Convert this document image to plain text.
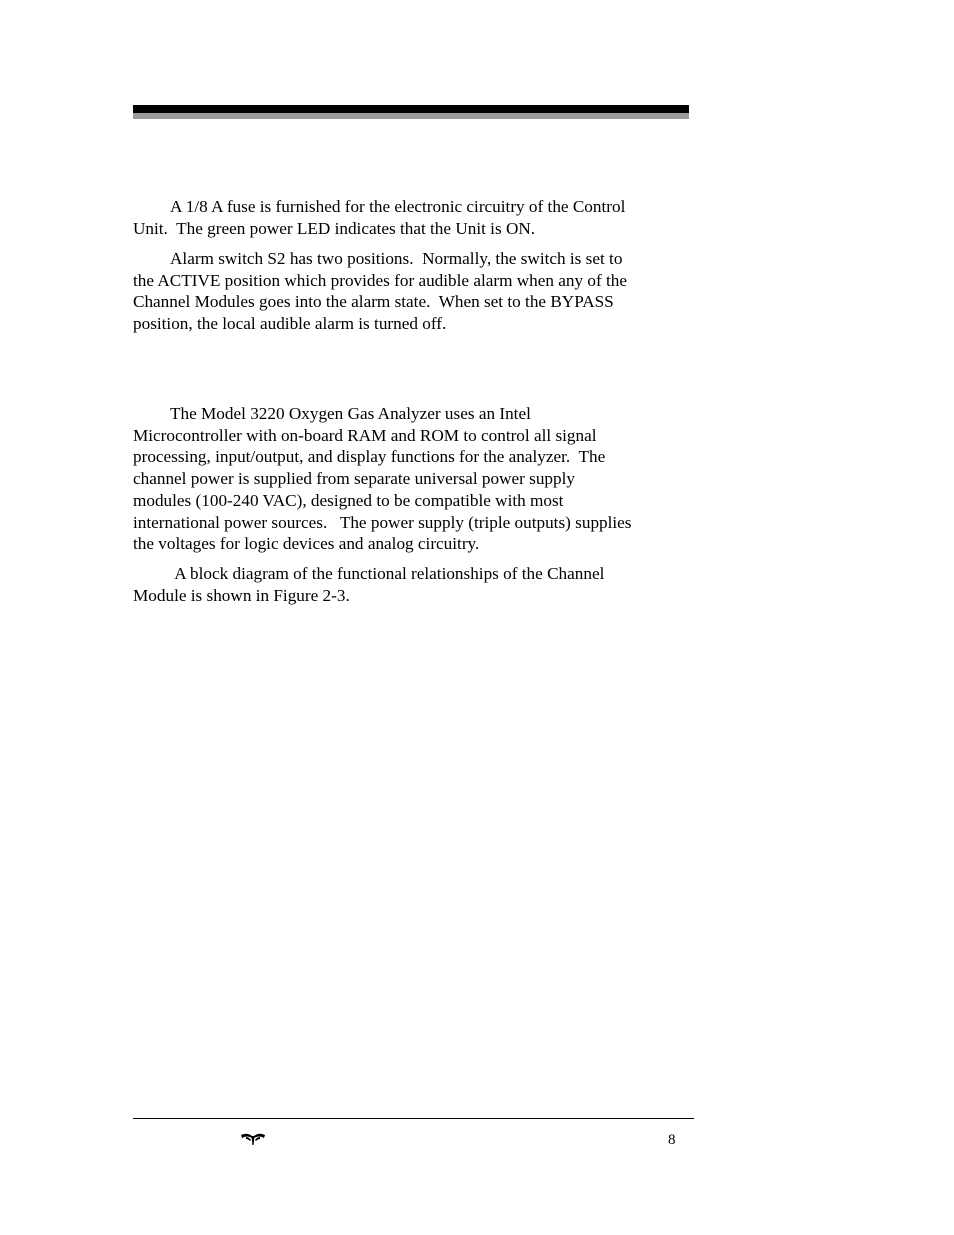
A 1/8 A fuse is furnished for the electronic circuitry of the Control
Unit.  The green power LED indicates that the Unit is ON.

Alarm switch S2 has two positions.  Normally, the switch is set to
the ACTIVE position which provides for audible alarm when any of the
Channel Modules goes into the alarm state.  When set to the BYPASS
position, the local audible alarm is turned off.

The Model 3220 Oxygen Gas Analyzer uses an Intel
Microcontroller with on-board RAM and ROM to control all signal
processing, input/output, and display functions for the analyzer.  The
channel power is supplied from separate universal power supply
modules (100-240 VAC), designed to be compatible with most
international power sources.   The power supply (triple outputs) supplies
the voltages for logic devices and analog circuitry.

A block diagram of the functional relationships of the Channel
Module is shown in Figure 2-3.

8
